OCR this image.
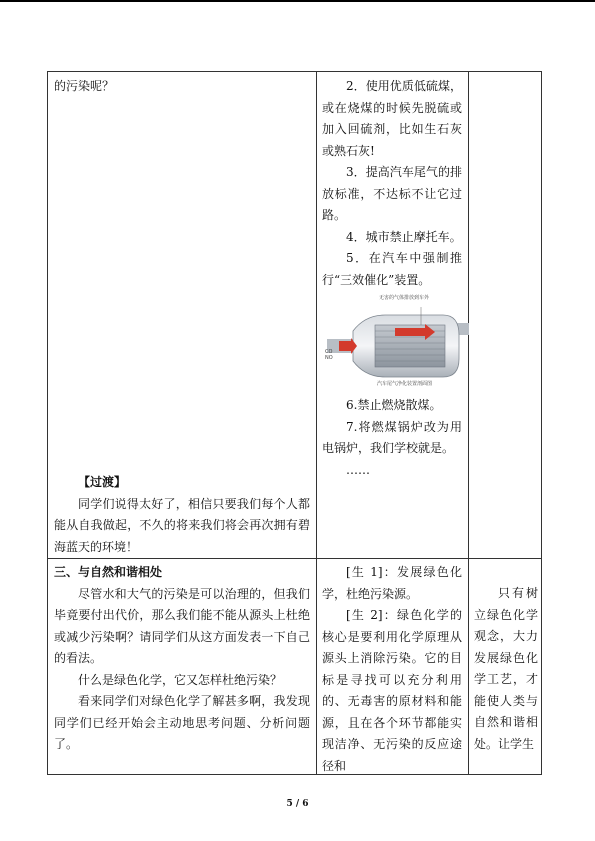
的污染呢？

【过渡】

同学们说得太好了，相信只要我们每个人都能从自我做起，不久的将来我们将会再次拥有碧海蓝天的环境！

2．使用优质低硫煤，或在烧煤的时候先脱硫或加入回硫剂，比如生石灰或熟石灰!

3．提高汽车尾气的排放标准，不达标不让它过路。

4．城市禁止摩托车。

5．在汽车中强制推行“三效催化”装置。

无害的气体排放到车外
CO NO
汽车尾气净化装置剖面图

6.禁止燃烧散煤。

7.将燃煤锅炉改为用电锅炉，我们学校就是。

……

三、与自然和谐相处

尽管水和大气的污染是可以治理的，但我们毕竟要付出代价，那么我们能不能从源头上杜绝或减少污染啊？请同学们从这方面发表一下自己的看法。

什么是绿色化学，它又怎样杜绝污染？

看来同学们对绿色化学了解甚多啊，我发现同学们已经开始会主动地思考问题、分析问题了。

[生 1]：发展绿色化学，杜绝污染源。

[生 2]：绿色化学的核心是要利用化学原理从源头上消除污染。它的目标是寻找可以充分利用的、无毒害的原材料和能源，且在各个环节都能实现洁净、无污染的反应途径和

只有树立绿色化学观念，大力发展绿色化学工艺，才能使人类与自然和谐相处。让学生

5 / 6
